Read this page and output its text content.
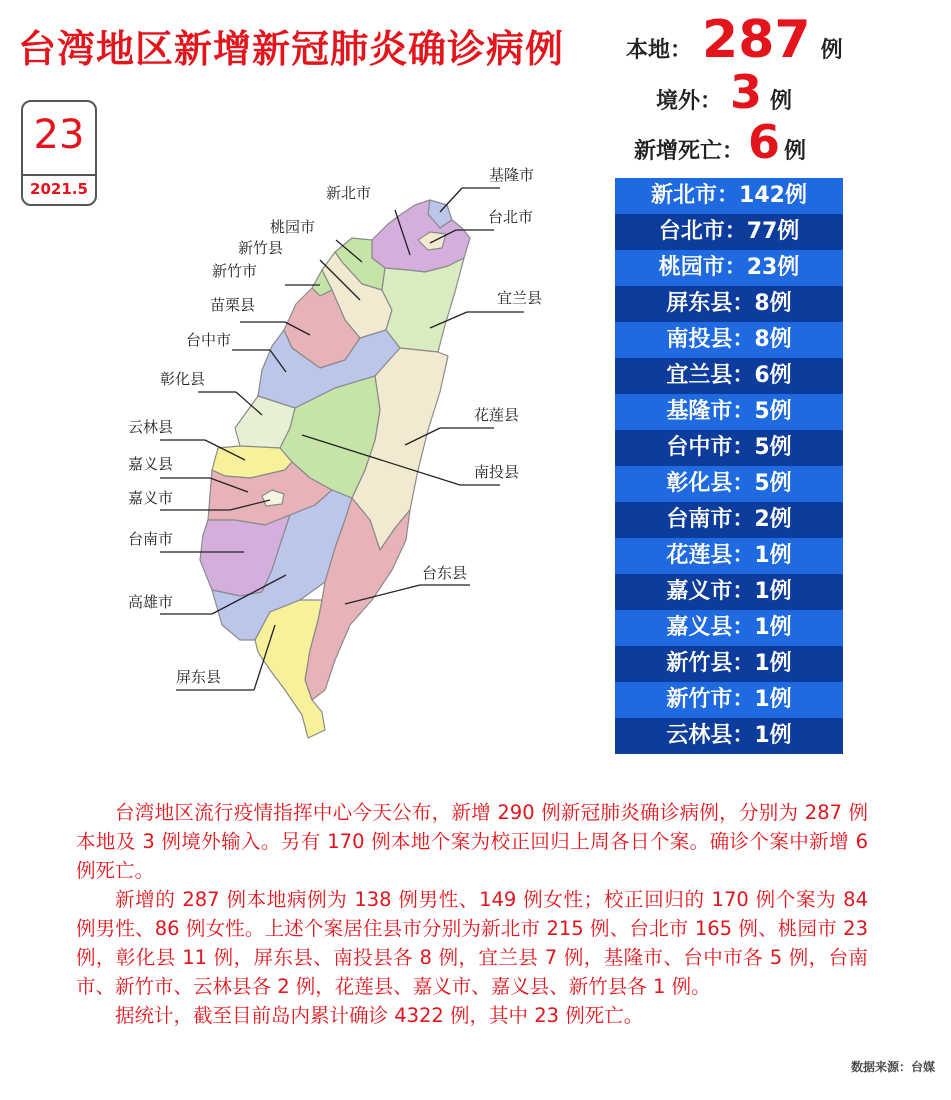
台湾地区新增新冠肺炎确诊病例
23
2021.5
本地： 287 例
境外： 3 例
新增死亡：6 例
新北市：142例
台北市：77例
桃园市：23例
屏东县：8例
南投县：8例
宜兰县：6例
基隆市：5例
台中市：5例
彰化县：5例
台南市：2例
花莲县：1例
嘉义市：1例
嘉义县：1例
新竹县：1例
新竹市：1例
云林县：1例
基隆市
新北市
台北市
桃园市
新竹县
新竹市
宜兰县
苗栗县
台中市
彰化县
花莲县
云林县
南投县
嘉义县
嘉义市
台南市
台东县
高雄市
屏东县

台湾地区流行疫情指挥中心今天公布，新增 290 例新冠肺炎确诊病例，分别为 287 例本地及 3 例境外输入。另有 170 例本地个案为校正回归上周各日个案。确诊个案中新增 6 例死亡。

新增的 287 例本地病例为 138 例男性、149 例女性；校正回归的 170 例个案为 84 例男性、86 例女性。上述个案居住县市分别为新北市 215 例、台北市 165 例、桃园市 23 例，彰化县 11 例，屏东县、南投县各 8 例，宜兰县 7 例，基隆市、台中市各 5 例，台南市、新竹市、云林县各 2 例，花莲县、嘉义市、嘉义县、新竹县各 1 例。

据统计，截至目前岛内累计确诊 4322 例，其中 23 例死亡。

数据来源：台媒
